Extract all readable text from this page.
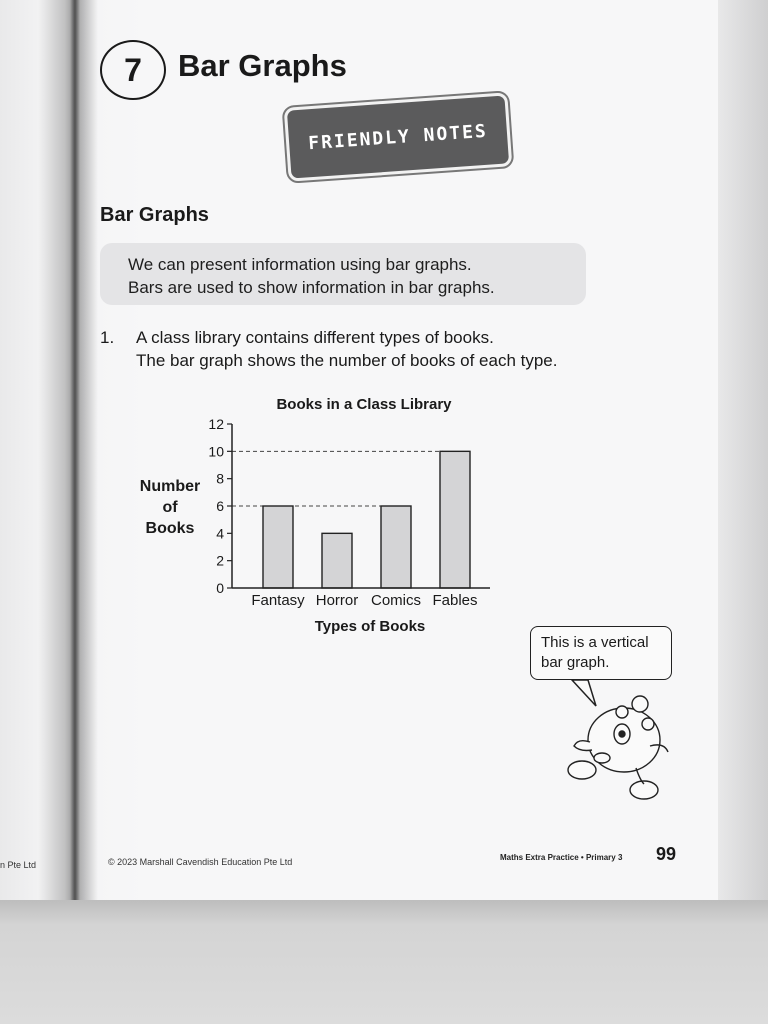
7 Bar Graphs
FRIENDLY NOTES
Bar Graphs
We can present information using bar graphs.
Bars are used to show information in bar graphs.
1. A class library contains different types of books.
The bar graph shows the number of books of each type.
Books in a Class Library
Number
of
Books
Types of Books
Fantasy Horror Comics Fables
0
2
4
6
8
10
12
This is a vertical
bar graph.
n Pte Ltd	© 2023 Marshall Cavendish Education Pte Ltd	Maths Extra Practice • Primary 3 99
